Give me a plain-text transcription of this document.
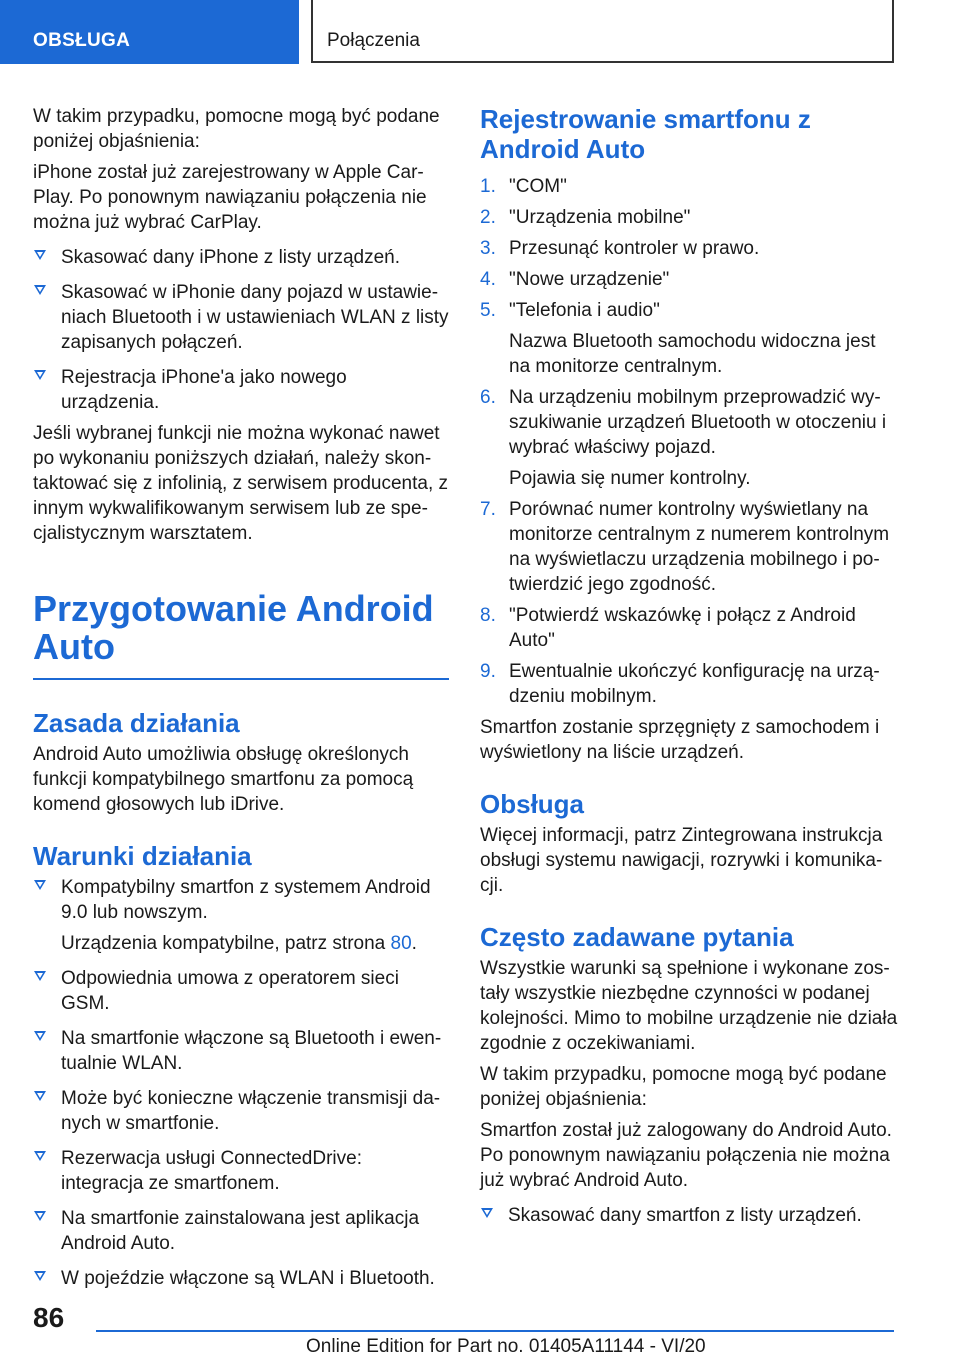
OBSŁUGA	Połączenia

W takim przypadku, pomocne mogą być podane poniżej objaśnienia:

iPhone został już zarejestrowany w Apple CarPlay. Po ponownym nawiązaniu połączenia nie można już wybrać CarPlay.

Skasować dany iPhone z listy urządzeń.

Skasować w iPhonie dany pojazd w ustawieniach Bluetooth i w ustawieniach WLAN z listy zapisanych połączeń.

Rejestracja iPhone'a jako nowego urządzenia.

Jeśli wybranej funkcji nie można wykonać nawet po wykonaniu poniższych działań, należy skontaktować się z infolinią, z serwisem producenta, z innym wykwalifikowanym serwisem lub ze specjalistycznym warsztatem.

Przygotowanie Android Auto
Zasada działania

Android Auto umożliwia obsługę określonych funkcji kompatybilnego smartfonu za pomocą komend głosowych lub iDrive.

Warunki działania

Kompatybilny smartfon z systemem Android 9.0 lub nowszym.

Urządzenia kompatybilne, patrz strona 80.

Odpowiednia umowa z operatorem sieci GSM.

Na smartfonie włączone są Bluetooth i ewentualnie WLAN.

Może być konieczne włączenie transmisji danych w smartfonie.

Rezerwacja usługi ConnectedDrive: integracja ze smartfonem.

Na smartfonie zainstalowana jest aplikacja Android Auto.

W pojeździe włączone są WLAN i Bluetooth.

Rejestrowanie smartfonu z Android Auto
1. "COM"

2. "Urządzenia mobilne"

3. Przesunąć kontroler w prawo.

4. "Nowe urządzenie"

5. "Telefonia i audio"

Nazwa Bluetooth samochodu widoczna jest na monitorze centralnym.

6. Na urządzeniu mobilnym przeprowadzić wyszukiwanie urządzeń Bluetooth w otoczeniu i wybrać właściwy pojazd.

Pojawia się numer kontrolny.

7. Porównać numer kontrolny wyświetlany na monitorze centralnym z numerem kontrolnym na wyświetlaczu urządzenia mobilnego i potwierdzić jego zgodność.

8. "Potwierdź wskazówkę i połącz z Android Auto"

9. Ewentualnie ukończyć konfigurację na urządzeniu mobilnym.

Smartfon zostanie sprzęgnięty z samochodem i wyświetlony na liście urządzeń.

Obsługa

Więcej informacji, patrz Zintegrowana instrukcja obsługi systemu nawigacji, rozrywki i komunikacji.

Często zadawane pytania

Wszystkie warunki są spełnione i wykonane zostały wszystkie niezbędne czynności w podanej kolejności. Mimo to mobilne urządzenie nie działa zgodnie z oczekiwaniami.

W takim przypadku, pomocne mogą być podane poniżej objaśnienia:

Smartfon został już zalogowany do Android Auto. Po ponownym nawiązaniu połączenia nie można już wybrać Android Auto.

Skasować dany smartfon z listy urządzeń.

86
Online Edition for Part no. 01405A11144 - VI/20
